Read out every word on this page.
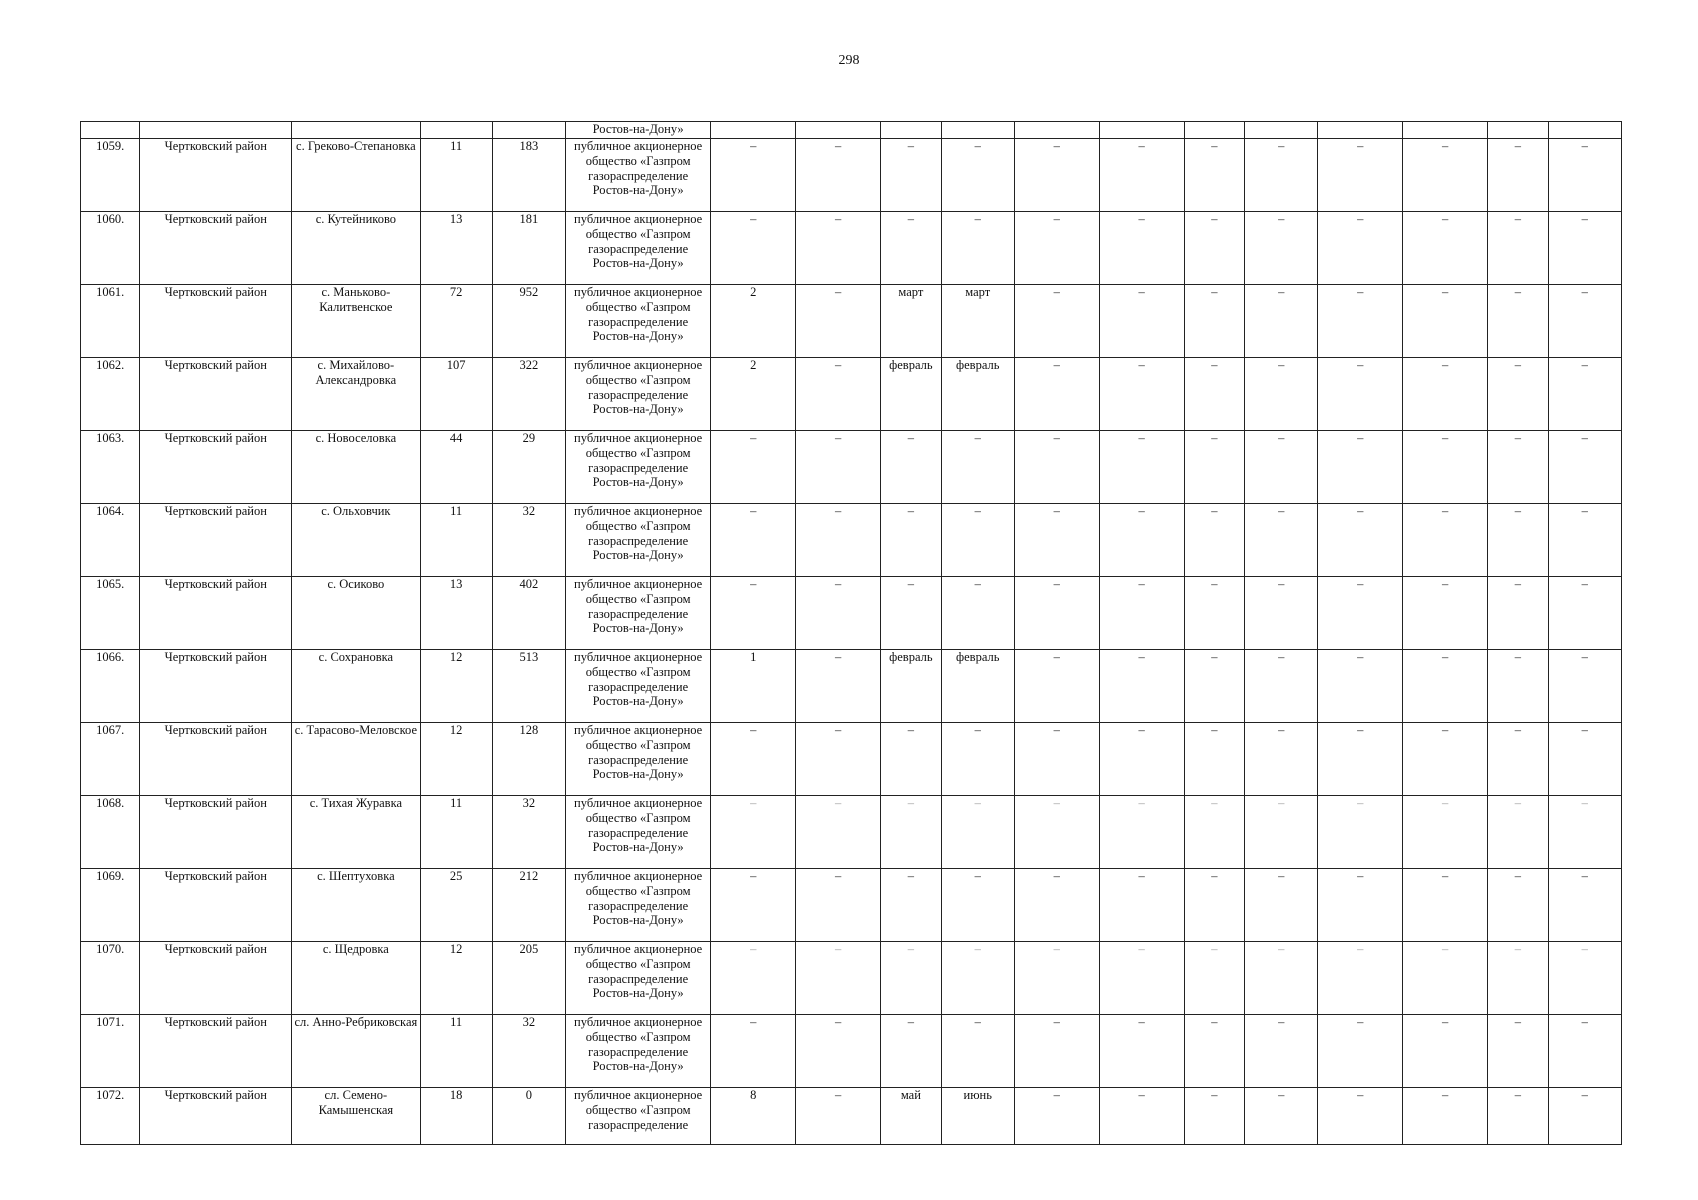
298
					Ростов-на-Дону»												
1059.	Чертковский район	с. Греково-Степановка	11	183	публичное акционерное общество «Газпром газораспределение Ростов-на-Дону»	–	–	–	–	–	–	–	–	–	–	–	–
1060.	Чертковский район	с. Кутейниково	13	181	публичное акционерное общество «Газпром газораспределение Ростов-на-Дону»	–	–	–	–	–	–	–	–	–	–	–	–
1061.	Чертковский район	с. Маньково-Калитвенское	72	952	публичное акционерное общество «Газпром газораспределение Ростов-на-Дону»	2	–	март	март	–	–	–	–	–	–	–	–
1062.	Чертковский район	с. Михайлово-Александровка	107	322	публичное акционерное общество «Газпром газораспределение Ростов-на-Дону»	2	–	февраль	февраль	–	–	–	–	–	–	–	–
1063.	Чертковский район	с. Новоселовка	44	29	публичное акционерное общество «Газпром газораспределение Ростов-на-Дону»	–	–	–	–	–	–	–	–	–	–	–	–
1064.	Чертковский район	с. Ольховчик	11	32	публичное акционерное общество «Газпром газораспределение Ростов-на-Дону»	–	–	–	–	–	–	–	–	–	–	–	–
1065.	Чертковский район	с. Осиково	13	402	публичное акционерное общество «Газпром газораспределение Ростов-на-Дону»	–	–	–	–	–	–	–	–	–	–	–	–
1066.	Чертковский район	с. Сохрановка	12	513	публичное акционерное общество «Газпром газораспределение Ростов-на-Дону»	1	–	февраль	февраль	–	–	–	–	–	–	–	–
1067.	Чертковский район	с. Тарасово-Меловское	12	128	публичное акционерное общество «Газпром газораспределение Ростов-на-Дону»	–	–	–	–	–	–	–	–	–	–	–	–
1068.	Чертковский район	с. Тихая Журавка	11	32	публичное акционерное общество «Газпром газораспределение Ростов-на-Дону»	–	–	–	–	–	–	–	–	–	–	–	–
1069.	Чертковский район	с. Шептуховка	25	212	публичное акционерное общество «Газпром газораспределение Ростов-на-Дону»	–	–	–	–	–	–	–	–	–	–	–	–
1070.	Чертковский район	с. Щедровка	12	205	публичное акционерное общество «Газпром газораспределение Ростов-на-Дону»	–	–	–	–	–	–	–	–	–	–	–	–
1071.	Чертковский район	сл. Анно-Ребриковская	11	32	публичное акционерное общество «Газпром газораспределение Ростов-на-Дону»	–	–	–	–	–	–	–	–	–	–	–	–
1072.	Чертковский район	сл. Семено-Камышенская	18	0	публичное акционерное общество «Газпром газораспределение	8	–	май	июнь	–	–	–	–	–	–	–	–
